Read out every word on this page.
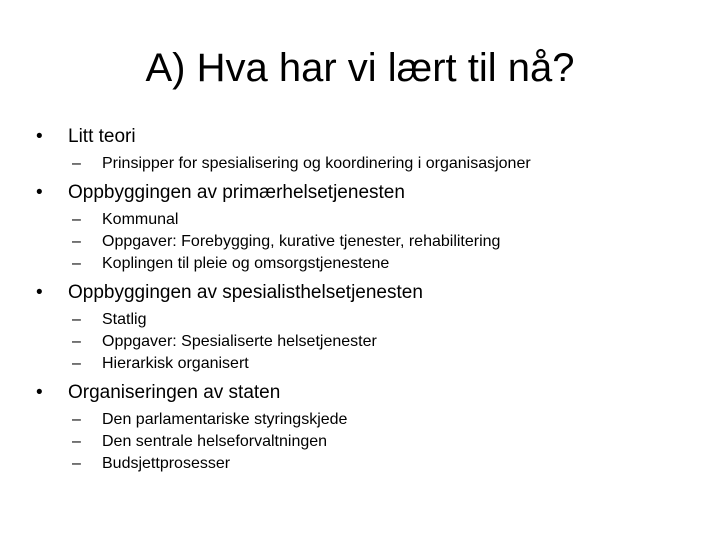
A) Hva har vi lært til nå?
• Litt teori
– Prinsipper for spesialisering og koordinering i organisasjoner
• Oppbyggingen av primærhelsetjenesten
– Kommunal
– Oppgaver: Forebygging, kurative tjenester, rehabilitering
– Koplingen til pleie og omsorgstjenestene
• Oppbyggingen av spesialisthelsetjenesten
– Statlig
– Oppgaver: Spesialiserte helsetjenester
– Hierarkisk organisert
• Organiseringen av staten
– Den parlamentariske styringskjede
– Den sentrale helseforvaltningen
– Budsjettprosesser
